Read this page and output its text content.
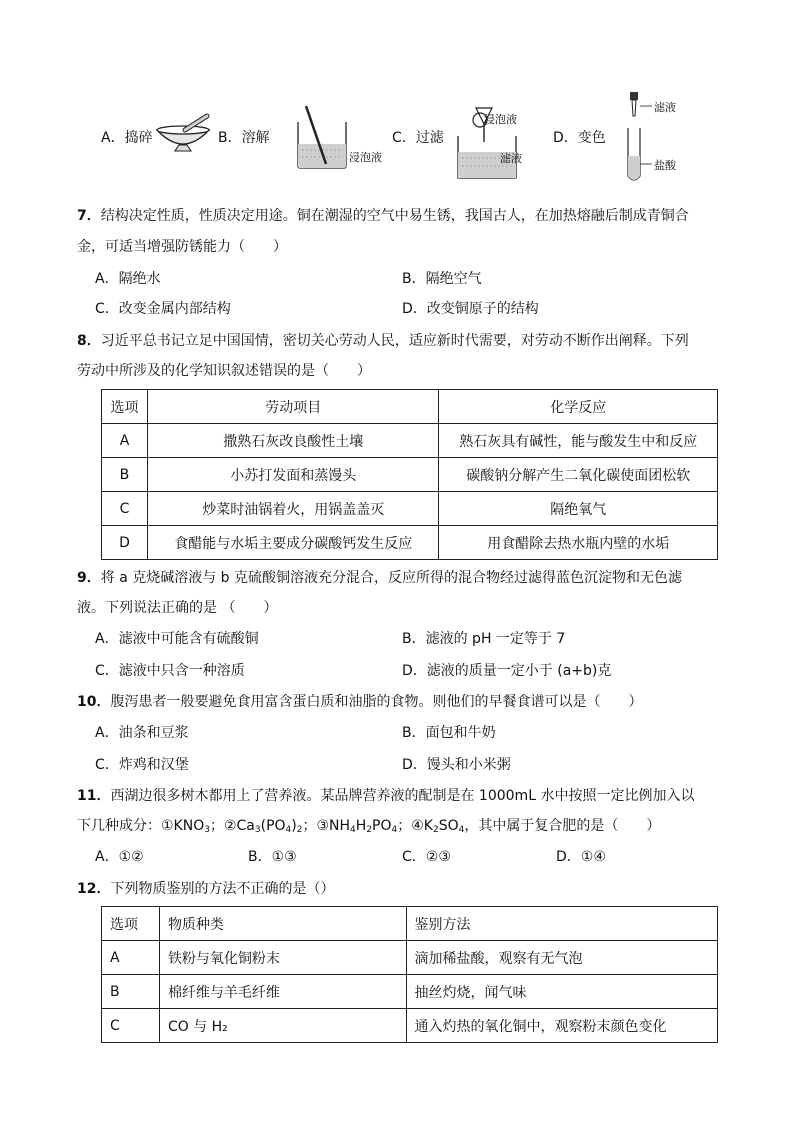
A．捣碎	B．溶解
浸泡液
C．过滤
浸泡液
滤液
D．变色
滤液
盐酸
7．结构决定性质，性质决定用途。铜在潮湿的空气中易生锈，我国古人，在加热熔融后制成青铜合
金，可适当增强防锈能力（　　）
A．隔绝水	B．隔绝空气
C．改变金属内部结构	D．改变铜原子的结构
8．习近平总书记立足中国国情，密切关心劳动人民，适应新时代需要，对劳动不断作出阐释。下列
劳动中所涉及的化学知识叙述错误的是（　　）
选项	劳动项目	化学反应
A	撒熟石灰改良酸性土壤	熟石灰具有碱性，能与酸发生中和反应
B	小苏打发面和蒸馒头	碳酸钠分解产生二氧化碳使面团松软
C	炒菜时油锅着火，用锅盖盖灭	隔绝氧气
D	食醋能与水垢主要成分碳酸钙发生反应	用食醋除去热水瓶内壁的水垢
9．将 a 克烧碱溶液与 b 克硫酸铜溶液充分混合，反应所得的混合物经过滤得蓝色沉淀物和无色滤
液。下列说法正确的是 （　　）
A．滤液中可能含有硫酸铜	B．滤液的 pH 一定等于 7
C．滤液中只含一种溶质	D．滤液的质量一定小于 (a+b)克
10．腹泻患者一般要避免食用富含蛋白质和油脂的食物。则他们的早餐食谱可以是（　　）
A．油条和豆浆	B．面包和牛奶
C．炸鸡和汉堡	D．馒头和小米粥
11．西湖边很多树木都用上了营养液。某品牌营养液的配制是在 1000mL 水中按照一定比例加入以
下几种成分：$①KNO_3$；$②Ca_3(PO_4)_2$；$③NH_4H_2PO_4$；$④K_2SO_4$，其中属于复合肥的是（　　）
A．①②	B．①③	C．②③	D．①④
12．下列物质鉴别的方法不正确的是（）
选项	物质种类	鉴别方法
A	铁粉与氧化铜粉末	滴加稀盐酸，观察有无气泡
B	棉纤维与羊毛纤维	抽丝灼烧，闻气味
C	CO 与 H₂	通入灼热的氧化铜中，观察粉末颜色变化
